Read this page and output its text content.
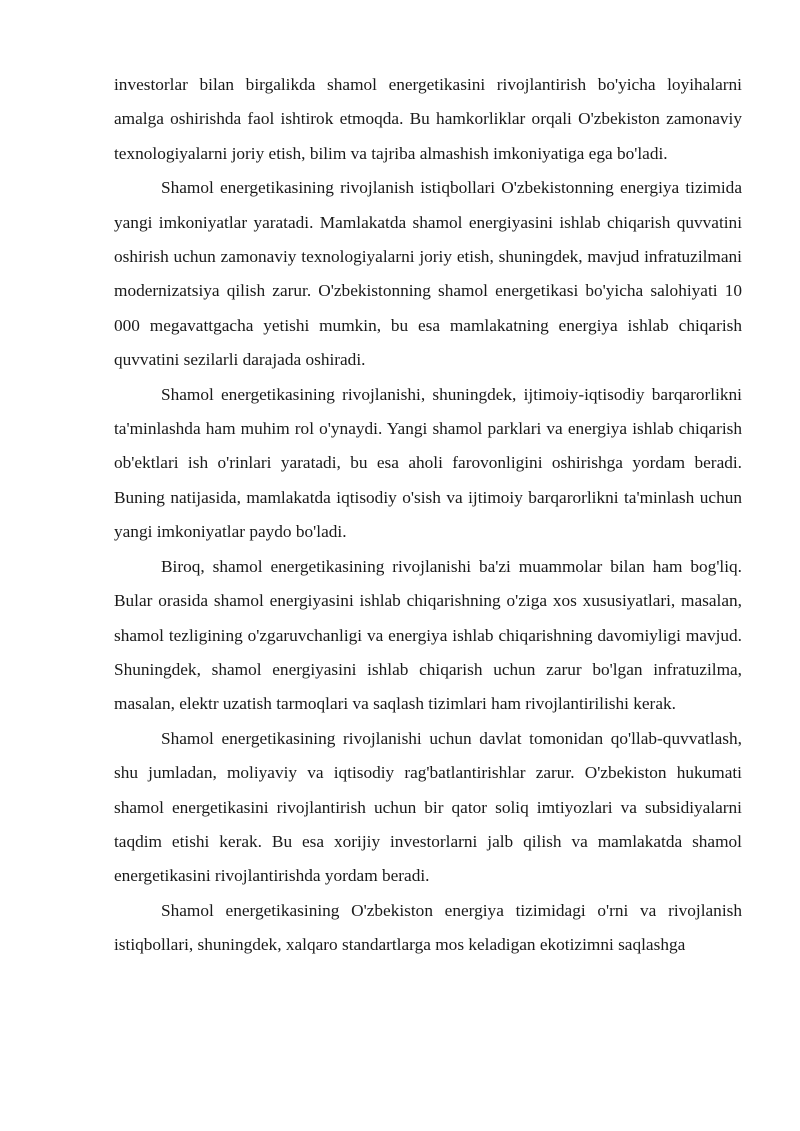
investorlar bilan birgalikda shamol energetikasini rivojlantirish bo'yicha loyihalarni amalga oshirishda faol ishtirok etmoqda. Bu hamkorliklar orqali O'zbekiston zamonaviy texnologiyalarni joriy etish, bilim va tajriba almashish imkoniyatiga ega bo'ladi.

Shamol energetikasining rivojlanish istiqbollari O'zbekistonning energiya tizimida yangi imkoniyatlar yaratadi. Mamlakatda shamol energiyasini ishlab chiqarish quvvatini oshirish uchun zamonaviy texnologiyalarni joriy etish, shuningdek, mavjud infratuzilmani modernizatsiya qilish zarur. O'zbekistonning shamol energetikasi bo'yicha salohiyati 10 000 megavattgacha yetishi mumkin, bu esa mamlakatning energiya ishlab chiqarish quvvatini sezilarli darajada oshiradi.

Shamol energetikasining rivojlanishi, shuningdek, ijtimoiy-iqtisodiy barqarorlikni ta'minlashda ham muhim rol o'ynaydi. Yangi shamol parklari va energiya ishlab chiqarish ob'ektlari ish o'rinlari yaratadi, bu esa aholi farovonligini oshirishga yordam beradi. Buning natijasida, mamlakatda iqtisodiy o'sish va ijtimoiy barqarorlikni ta'minlash uchun yangi imkoniyatlar paydo bo'ladi.

Biroq, shamol energetikasining rivojlanishi ba'zi muammolar bilan ham bog'liq. Bular orasida shamol energiyasini ishlab chiqarishning o'ziga xos xususiyatlari, masalan, shamol tezligining o'zgaruvchanligi va energiya ishlab chiqarishning davomiyligi mavjud. Shuningdek, shamol energiyasini ishlab chiqarish uchun zarur bo'lgan infratuzilma, masalan, elektr uzatish tarmoqlari va saqlash tizimlari ham rivojlantirilishi kerak.

Shamol energetikasining rivojlanishi uchun davlat tomonidan qo'llab-quvvatlash, shu jumladan, moliyaviy va iqtisodiy rag'batlantirishlar zarur. O'zbekiston hukumati shamol energetikasini rivojlantirish uchun bir qator soliq imtiyozlari va subsidiyalarni taqdim etishi kerak. Bu esa xorijiy investorlarni jalb qilish va mamlakatda shamol energetikasini rivojlantirishda yordam beradi.

Shamol energetikasining O'zbekiston energiya tizimidagi o'rni va rivojlanish istiqbollari, shuningdek, xalqaro standartlarga mos keladigan ekotizimni saqlashga
